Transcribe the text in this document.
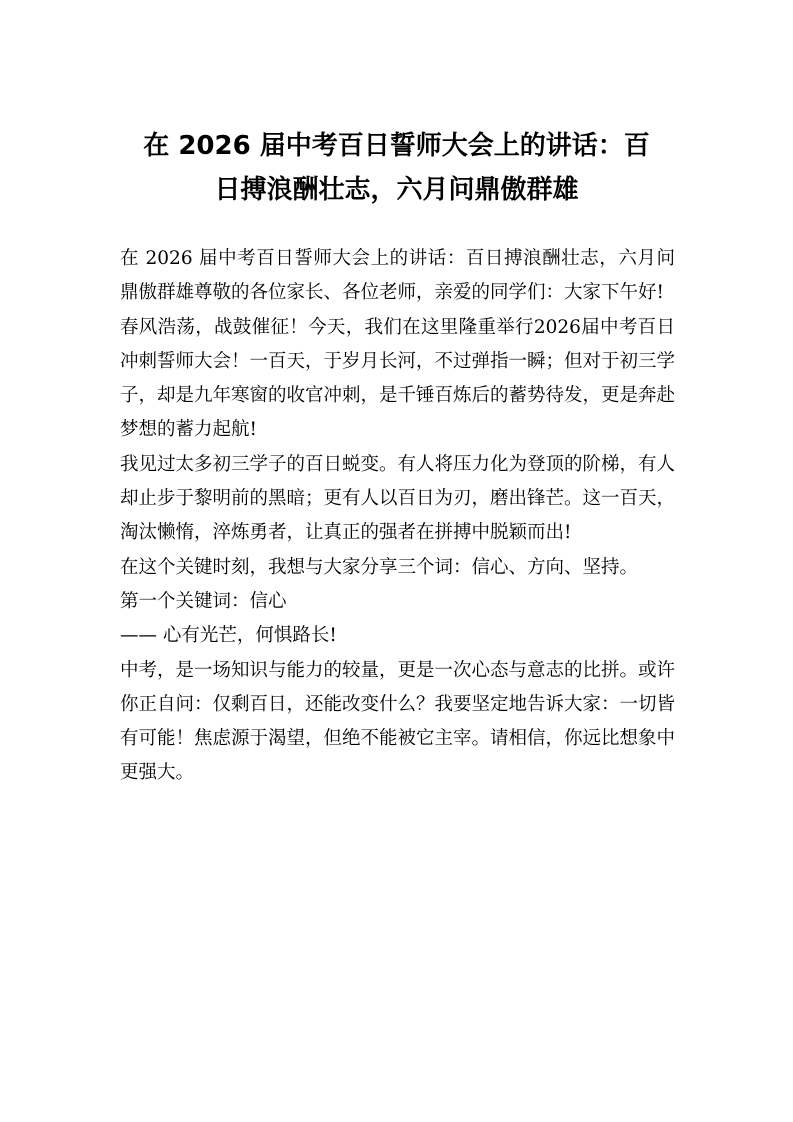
在 2026 届中考百日誓师大会上的讲话：百
日搏浪酬壮志，六月问鼎傲群雄

在 2026 届中考百日誓师大会上的讲话：百日搏浪酬壮志，六月问鼎傲群雄尊敬的各位家长、各位老师，亲爱的同学们：大家下午好!

春风浩荡，战鼓催征！今天，我们在这里隆重举行2026届中考百日冲刺誓师大会！一百天，于岁月长河，不过弹指一瞬；但对于初三学子，却是九年寒窗的收官冲刺，是千锤百炼后的蓄势待发，更是奔赴梦想的蓄力起航!

我见过太多初三学子的百日蜕变。有人将压力化为登顶的阶梯，有人却止步于黎明前的黑暗；更有人以百日为刃，磨出锋芒。这一百天，淘汰懒惰，淬炼勇者，让真正的强者在拼搏中脱颖而出!

在这个关键时刻，我想与大家分享三个词：信心、方向、坚持。

第一个关键词：信心

—— 心有光芒，何惧路长!

中考，是一场知识与能力的较量，更是一次心态与意志的比拼。或许你正自问：仅剩百日，还能改变什么？我要坚定地告诉大家：一切皆有可能！焦虑源于渴望，但绝不能被它主宰。请相信，你远比想象中更强大。
